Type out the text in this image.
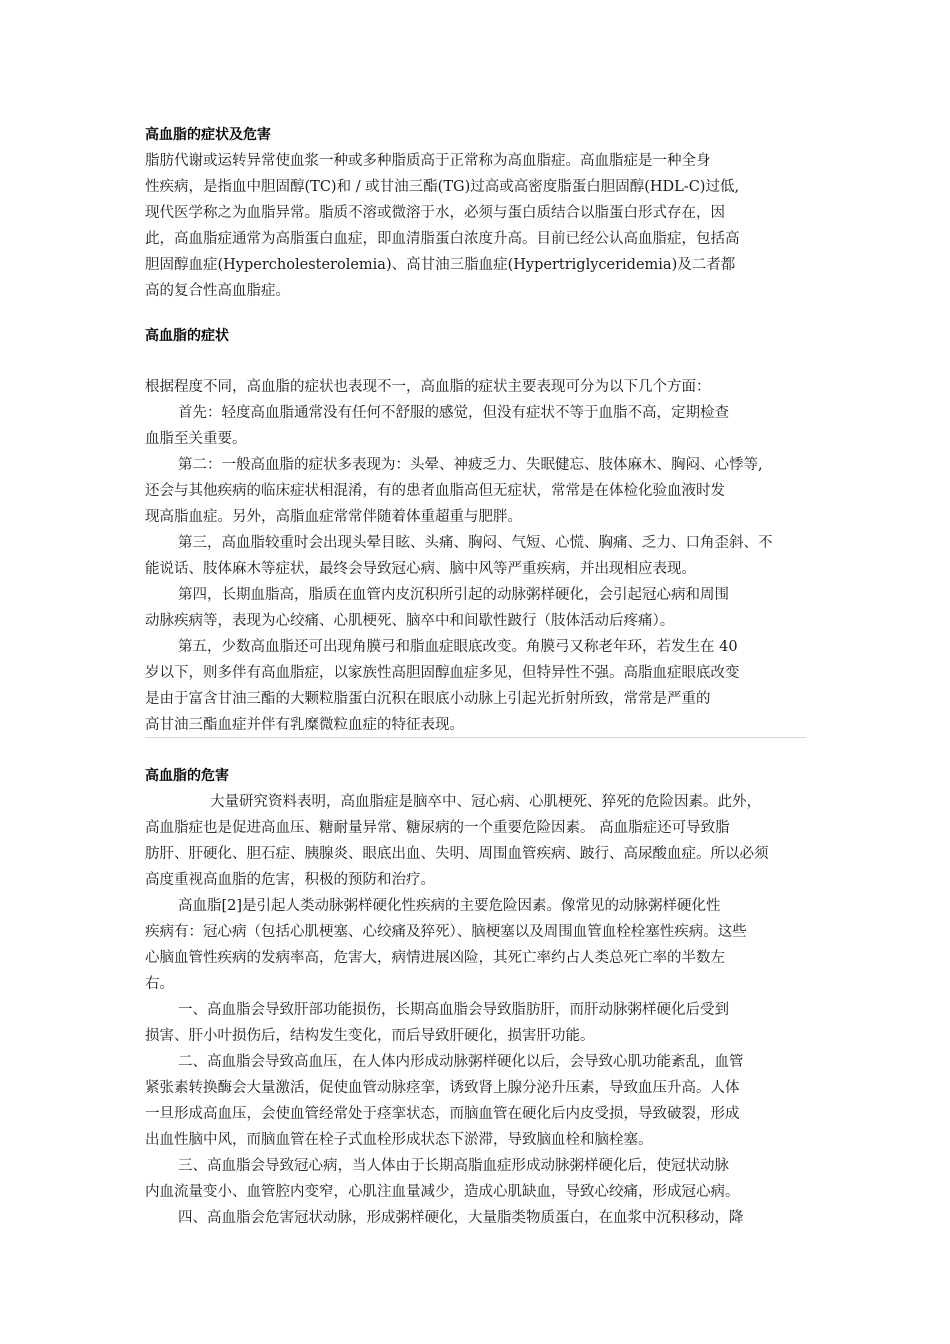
高血脂的症状及危害
脂肪代谢或运转异常使血浆一种或多种脂质高于正常称为高血脂症。高血脂症是一种全身
性疾病，是指血中胆固醇(TC)和 / 或甘油三酯(TG)过高或高密度脂蛋白胆固醇(HDL-C)过低,
现代医学称之为血脂异常。脂质不溶或微溶于水，必须与蛋白质结合以脂蛋白形式存在，因
此，高血脂症通常为高脂蛋白血症，即血清脂蛋白浓度升高。目前已经公认高血脂症，包括高
胆固醇血症(Hypercholesterolemia)、高甘油三脂血症(Hypertriglyceridemia)及二者都
高的复合性高血脂症。
高血脂的症状
根据程度不同，高血脂的症状也表现不一，高血脂的症状主要表现可分为以下几个方面：
首先：轻度高血脂通常没有任何不舒服的感觉，但没有症状不等于血脂不高，定期检查
血脂至关重要。
第二：一般高血脂的症状多表现为：头晕、神疲乏力、失眠健忘、肢体麻木、胸闷、心悸等,
还会与其他疾病的临床症状相混淆，有的患者血脂高但无症状，常常是在体检化验血液时发
现高脂血症。另外，高脂血症常常伴随着体重超重与肥胖。
第三，高血脂较重时会出现头晕目眩、头痛、胸闷、气短、心慌、胸痛、乏力、口角歪斜、不
能说话、肢体麻木等症状，最终会导致冠心病、脑中风等严重疾病，并出现相应表现。
第四，长期血脂高，脂质在血管内皮沉积所引起的动脉粥样硬化，会引起冠心病和周围
动脉疾病等，表现为心绞痛、心肌梗死、脑卒中和间歇性跛行（肢体活动后疼痛）。
第五，少数高血脂还可出现角膜弓和脂血症眼底改变。角膜弓又称老年环，若发生在 40
岁以下，则多伴有高血脂症，以家族性高胆固醇血症多见，但特异性不强。高脂血症眼底改变
是由于富含甘油三酯的大颗粒脂蛋白沉积在眼底小动脉上引起光折射所致，常常是严重的
高甘油三酯血症并伴有乳糜微粒血症的特征表现。
高血脂的危害
大量研究资料表明，高血脂症是脑卒中、冠心病、心肌梗死、猝死的危险因素。此外，
高血脂症也是促进高血压、糖耐量异常、糖尿病的一个重要危险因素。 高血脂症还可导致脂
肪肝、肝硬化、胆石症、胰腺炎、眼底出血、失明、周围血管疾病、跛行、高尿酸血症。所以必须
高度重视高血脂的危害，积极的预防和治疗。
高血脂[2]是引起人类动脉粥样硬化性疾病的主要危险因素。像常见的动脉粥样硬化性
疾病有：冠心病（包括心肌梗塞、心绞痛及猝死）、脑梗塞以及周围血管血栓栓塞性疾病。这些
心脑血管性疾病的发病率高，危害大，病情进展凶险，其死亡率约占人类总死亡率的半数左
右。
一、高血脂会导致肝部功能损伤，长期高血脂会导致脂肪肝，而肝动脉粥样硬化后受到
损害、肝小叶损伤后，结构发生变化，而后导致肝硬化，损害肝功能。
二、高血脂会导致高血压，在人体内形成动脉粥样硬化以后，会导致心肌功能紊乱，血管
紧张素转换酶会大量激活，促使血管动脉痉挛，诱致肾上腺分泌升压素，导致血压升高。人体
一旦形成高血压，会使血管经常处于痉挛状态，而脑血管在硬化后内皮受损，导致破裂，形成
出血性脑中风，而脑血管在栓子式血栓形成状态下淤滞，导致脑血栓和脑栓塞。
三、高血脂会导致冠心病，当人体由于长期高脂血症形成动脉粥样硬化后，使冠状动脉
内血流量变小、血管腔内变窄，心肌注血量减少，造成心肌缺血，导致心绞痛，形成冠心病。
四、高血脂会危害冠状动脉，形成粥样硬化，大量脂类物质蛋白，在血浆中沉积移动，降
